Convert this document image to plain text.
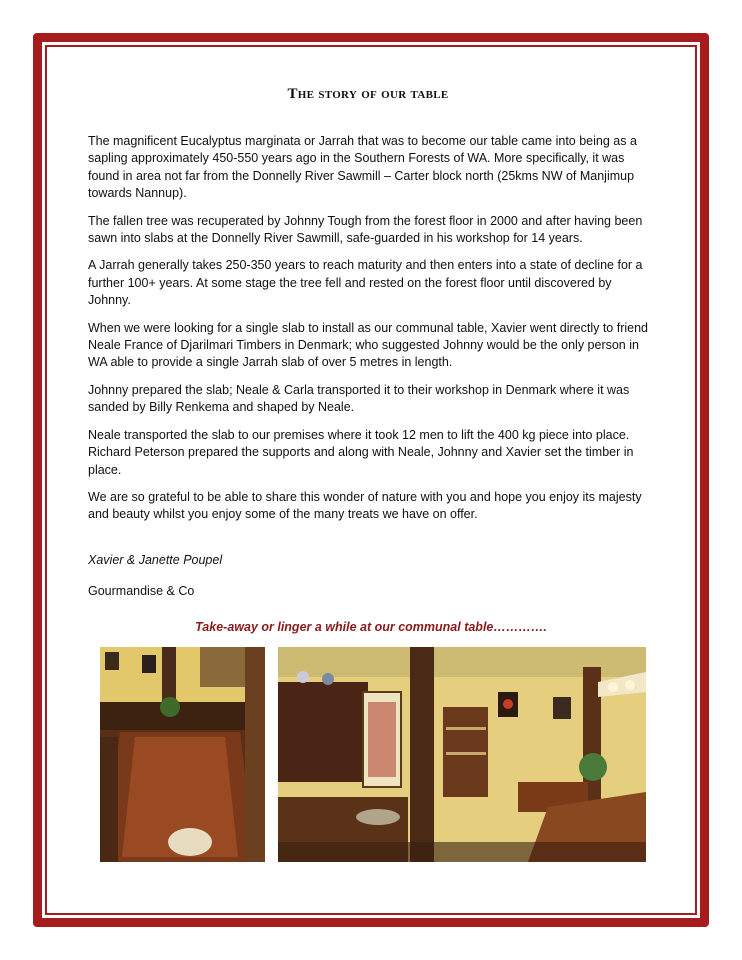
The story of our table

The magnificent Eucalyptus marginata or Jarrah that was to become our table came into being as a sapling approximately 450-550 years ago in the Southern Forests of WA. More specifically, it was found in area not far from the Donnelly River Sawmill – Carter block north (25kms NW of Manjimup towards Nannup).

The fallen tree was recuperated by Johnny Tough from the forest floor in 2000 and after having been sawn into slabs at the Donnelly River Sawmill, safe-guarded in his workshop for 14 years.

A Jarrah generally takes 250-350 years to reach maturity and then enters into a state of decline for a further 100+ years. At some stage the tree fell and rested on the forest floor until discovered by Johnny.

When we were looking for a single slab to install as our communal table, Xavier went directly to friend Neale France of Djarilmari Timbers in Denmark; who suggested Johnny would be the only person in WA able to provide a single Jarrah slab of over 5 metres in length.

Johnny prepared the slab; Neale & Carla transported it to their workshop in Denmark where it was sanded by Billy Renkema and shaped by Neale.

Neale transported the slab to our premises where it took 12 men to lift the 400 kg piece into place. Richard Peterson prepared the supports and along with Neale, Johnny and Xavier set the timber in place.

We are so grateful to be able to share this wonder of nature with you and hope you enjoy its majesty and beauty whilst you enjoy some of the many treats we have on offer.

Xavier & Janette Poupel

Gourmandise & Co

Take-away or linger a while at our communal table………….
